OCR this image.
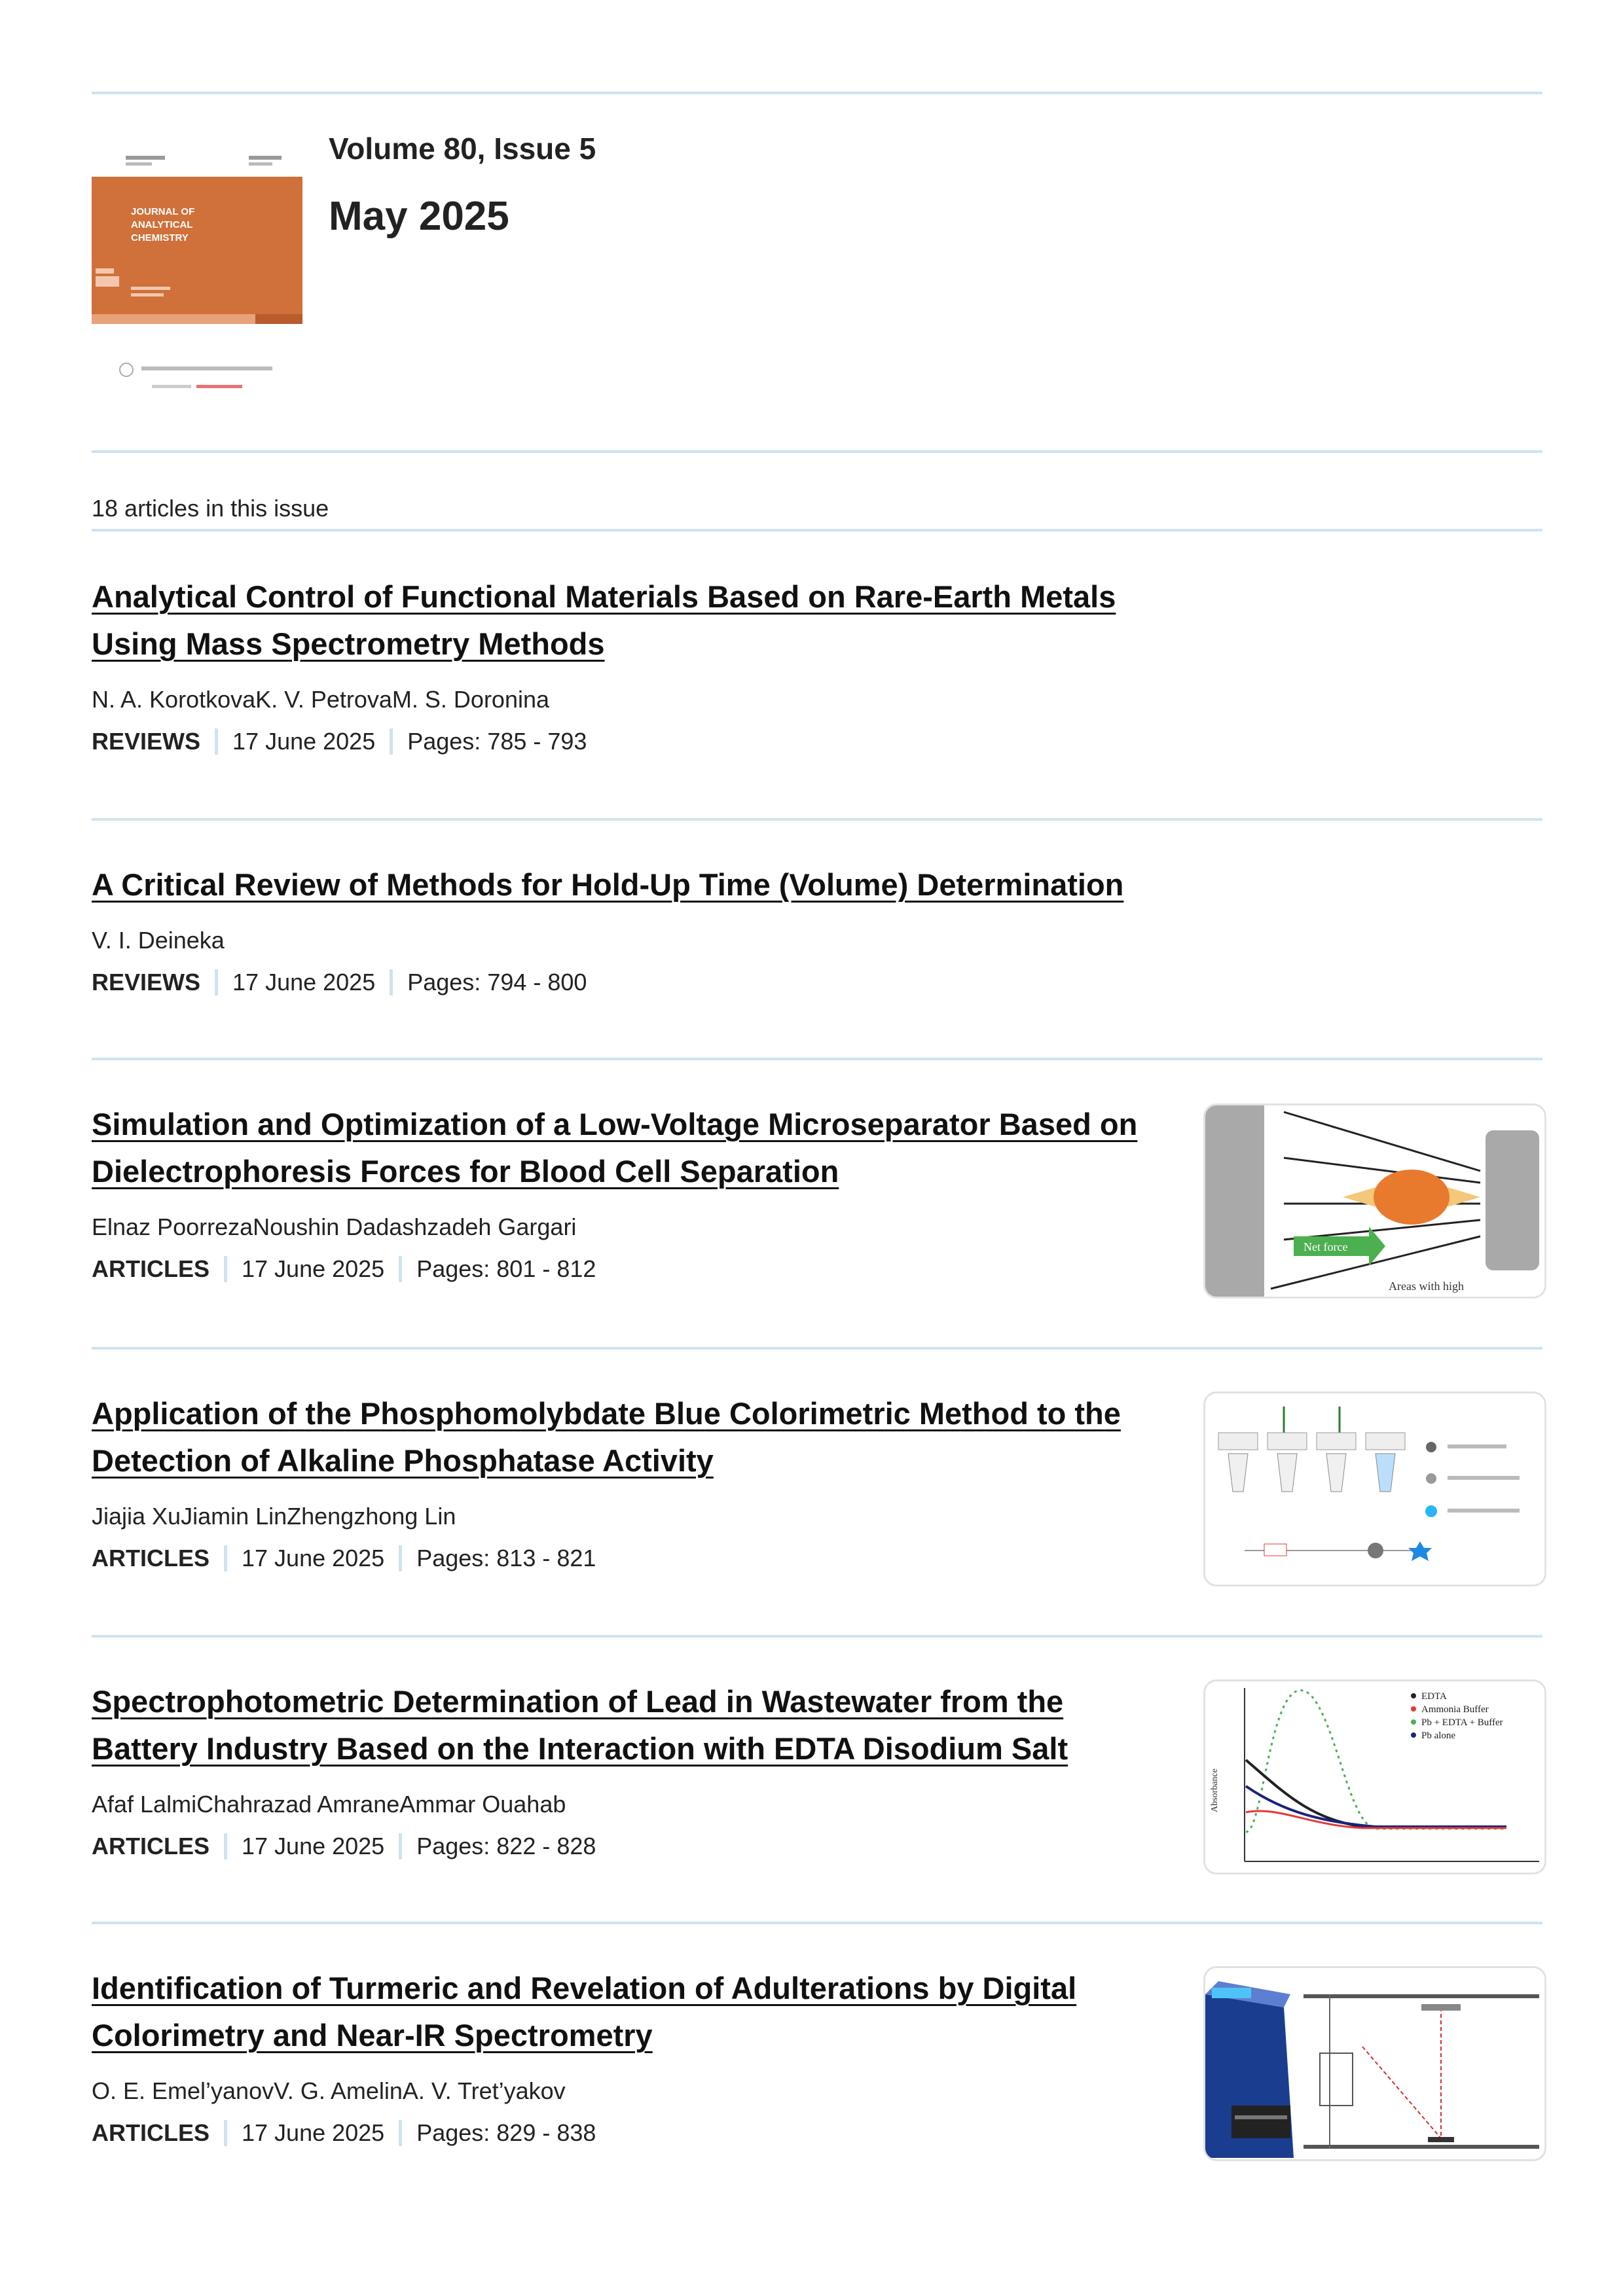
JOURNAL OF
ANALYTICAL
CHEMISTRY
Volume 80, Issue 5
May 2025
18 articles in this issue
Analytical Control of Functional Materials Based on Rare-Earth Metals Using Mass Spectrometry Methods
N. A. KorotkovaK. V. PetrovaM. S. Doronina
REVIEWS 17 June 2025 Pages: 785 - 793
A Critical Review of Methods for Hold-Up Time (Volume) Determination
V. I. Deineka
REVIEWS 17 June 2025 Pages: 794 - 800
Simulation and Optimization of a Low-Voltage Microseparator Based on Dielectrophoresis Forces for Blood Cell Separation
Elnaz PoorrezaNoushin Dadashzadeh Gargari
ARTICLES 17 June 2025 Pages: 801 - 812
Net force
Areas with high
Application of the Phosphomolybdate Blue Colorimetric Method to the Detection of Alkaline Phosphatase Activity
Jiajia XuJiamin LinZhengzhong Lin
ARTICLES 17 June 2025 Pages: 813 - 821
Spectrophotometric Determination of Lead in Wastewater from the Battery Industry Based on the Interaction with EDTA Disodium Salt
Afaf LalmiChahrazad AmraneAmmar Ouahab
ARTICLES 17 June 2025 Pages: 822 - 828
Absorbance
EDTA
Ammonia Buffer
Pb + EDTA + Buffer
Pb alone
Identification of Turmeric and Revelation of Adulterations by Digital Colorimetry and Near-IR Spectrometry
O. E. Emel’yanovV. G. AmelinA. V. Tret’yakov
ARTICLES 17 June 2025 Pages: 829 - 838
